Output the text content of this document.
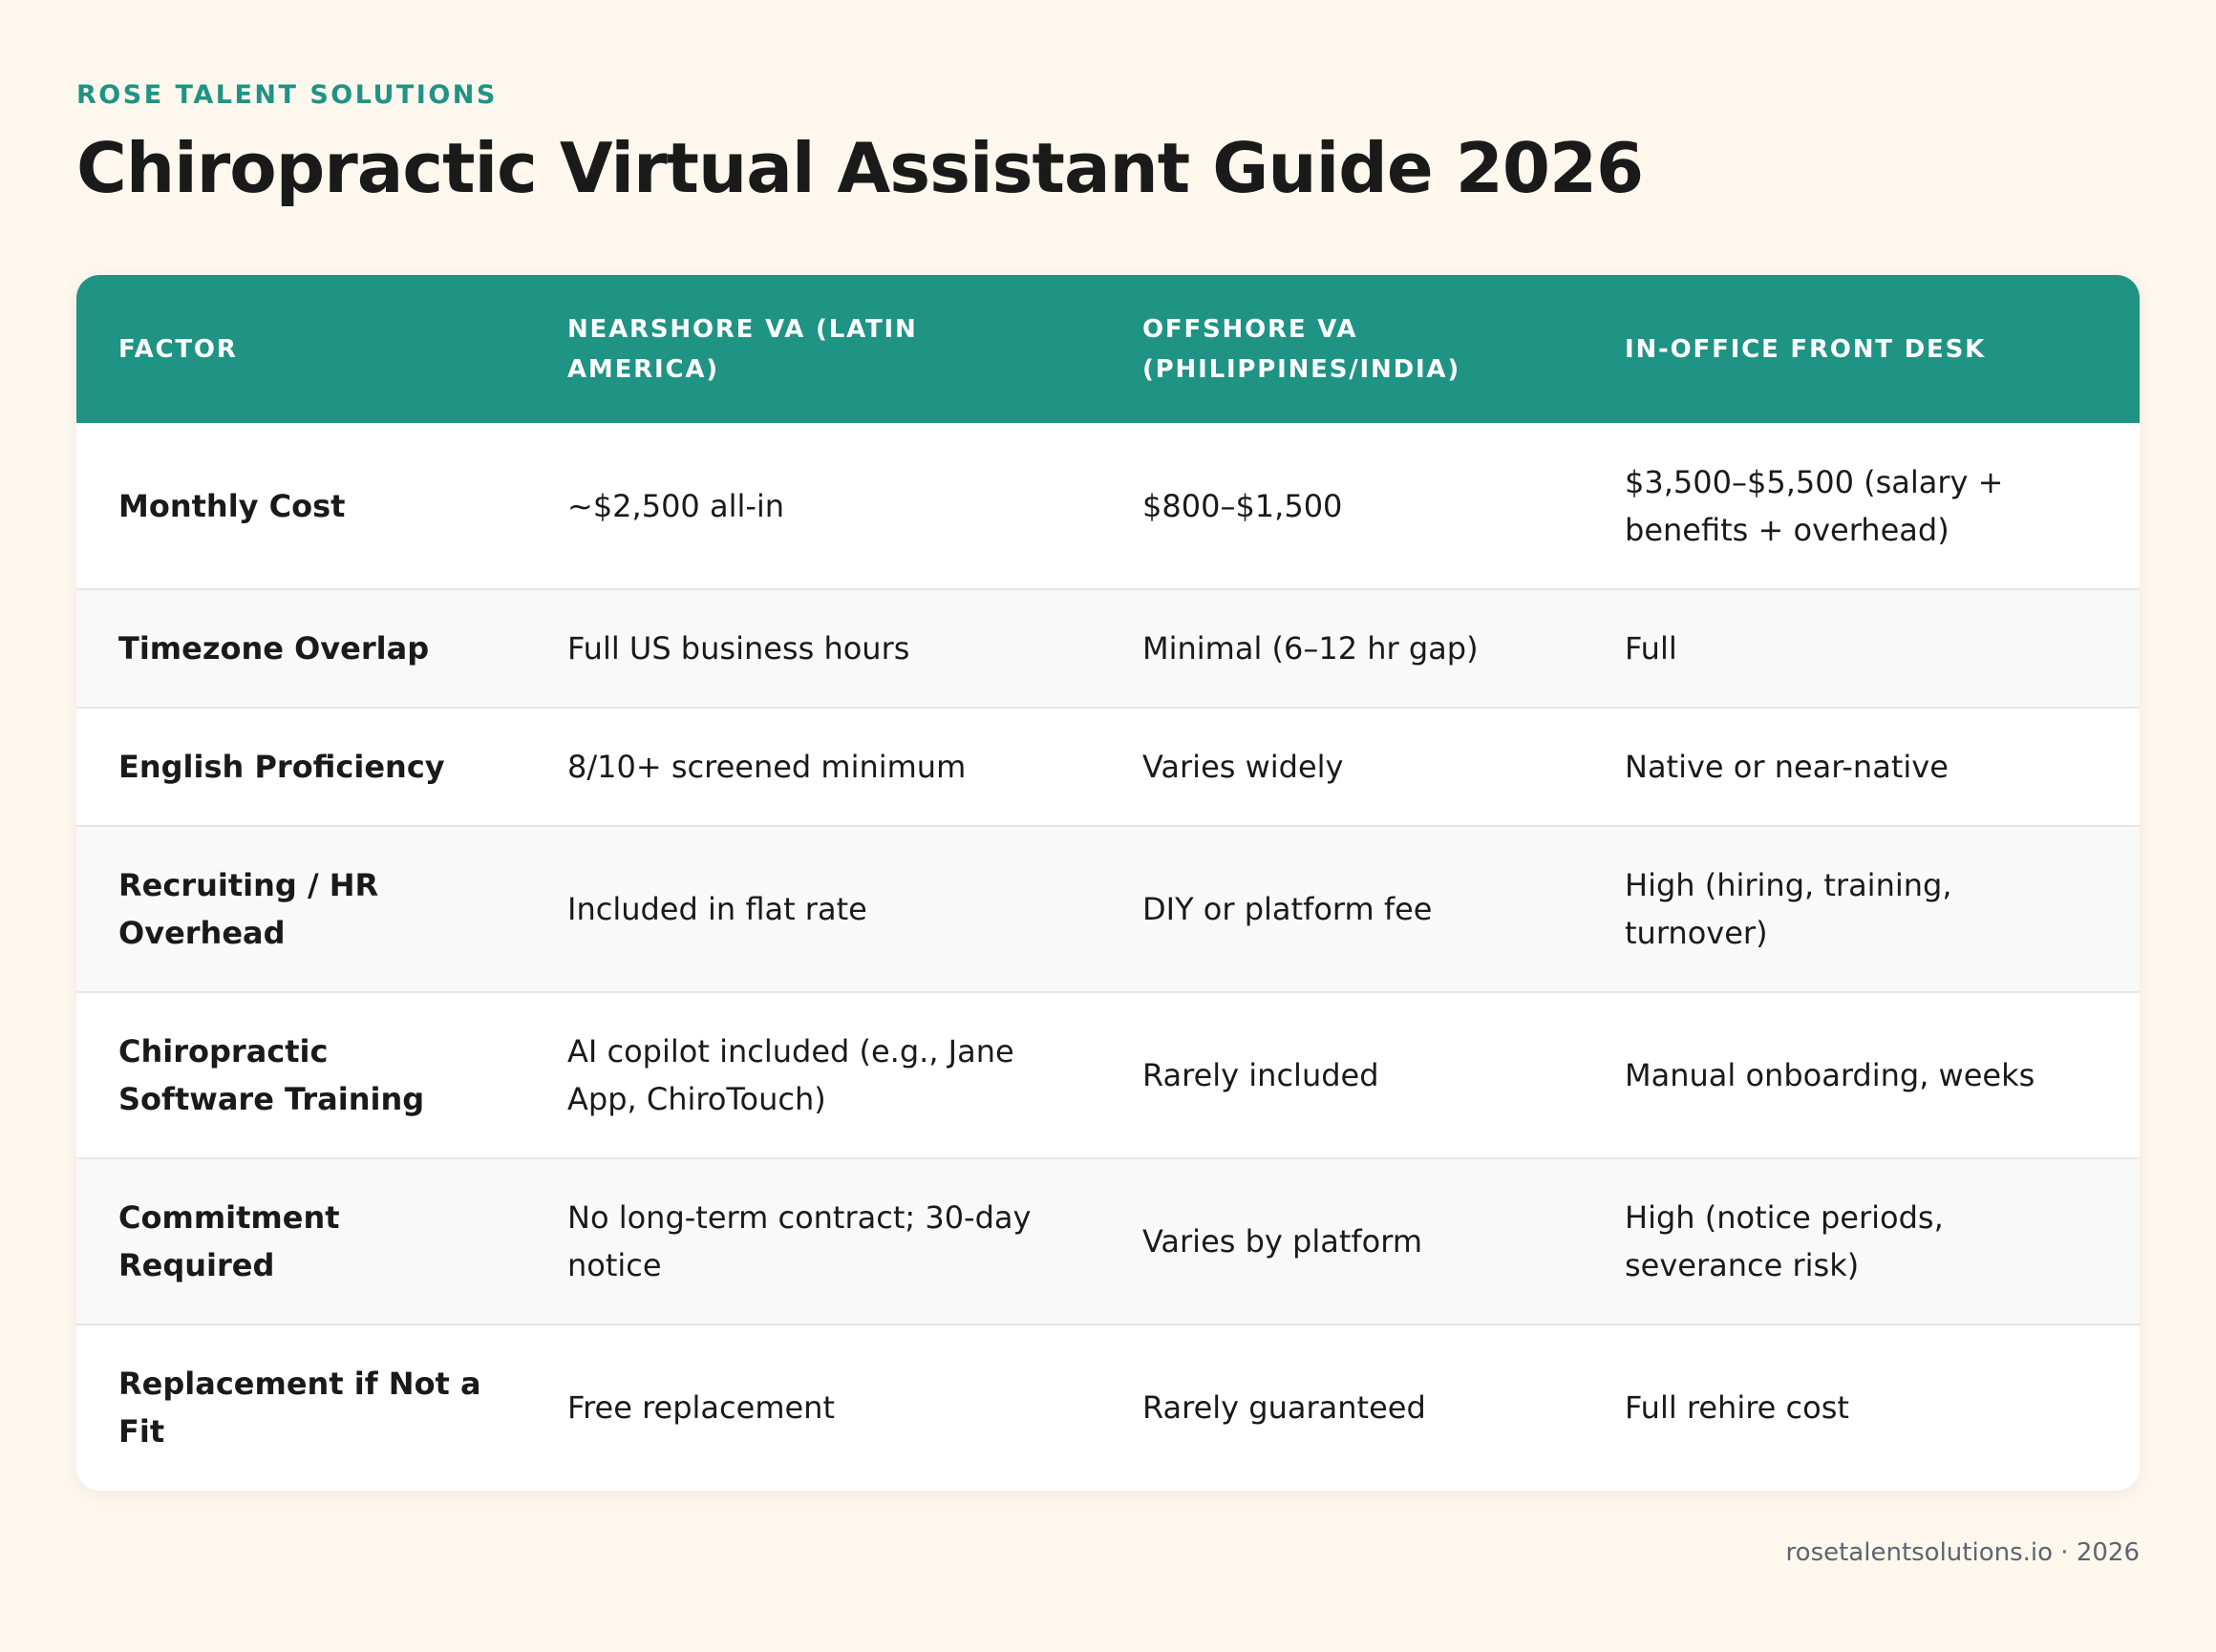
ROSE TALENT SOLUTIONS
Chiropractic Virtual Assistant Guide 2026
FACTOR	NEARSHORE VA (LATIN AMERICA)	OFFSHORE VA (PHILIPPINES/INDIA)	IN-OFFICE FRONT DESK
Monthly Cost	~$2,500 all-in	$800–$1,500	$3,500–$5,500 (salary + benefits + overhead)
Timezone Overlap	Full US business hours	Minimal (6–12 hr gap)	Full
English Proficiency	8/10+ screened minimum	Varies widely	Native or near-native
Recruiting / HR Overhead	Included in flat rate	DIY or platform fee	High (hiring, training, turnover)
Chiropractic Software Training	AI copilot included (e.g., Jane App, ChiroTouch)	Rarely included	Manual onboarding, weeks
Commitment Required	No long-term contract; 30-day notice	Varies by platform	High (notice periods, severance risk)
Replacement if Not a Fit	Free replacement	Rarely guaranteed	Full rehire cost
rosetalentsolutions.io · 2026
